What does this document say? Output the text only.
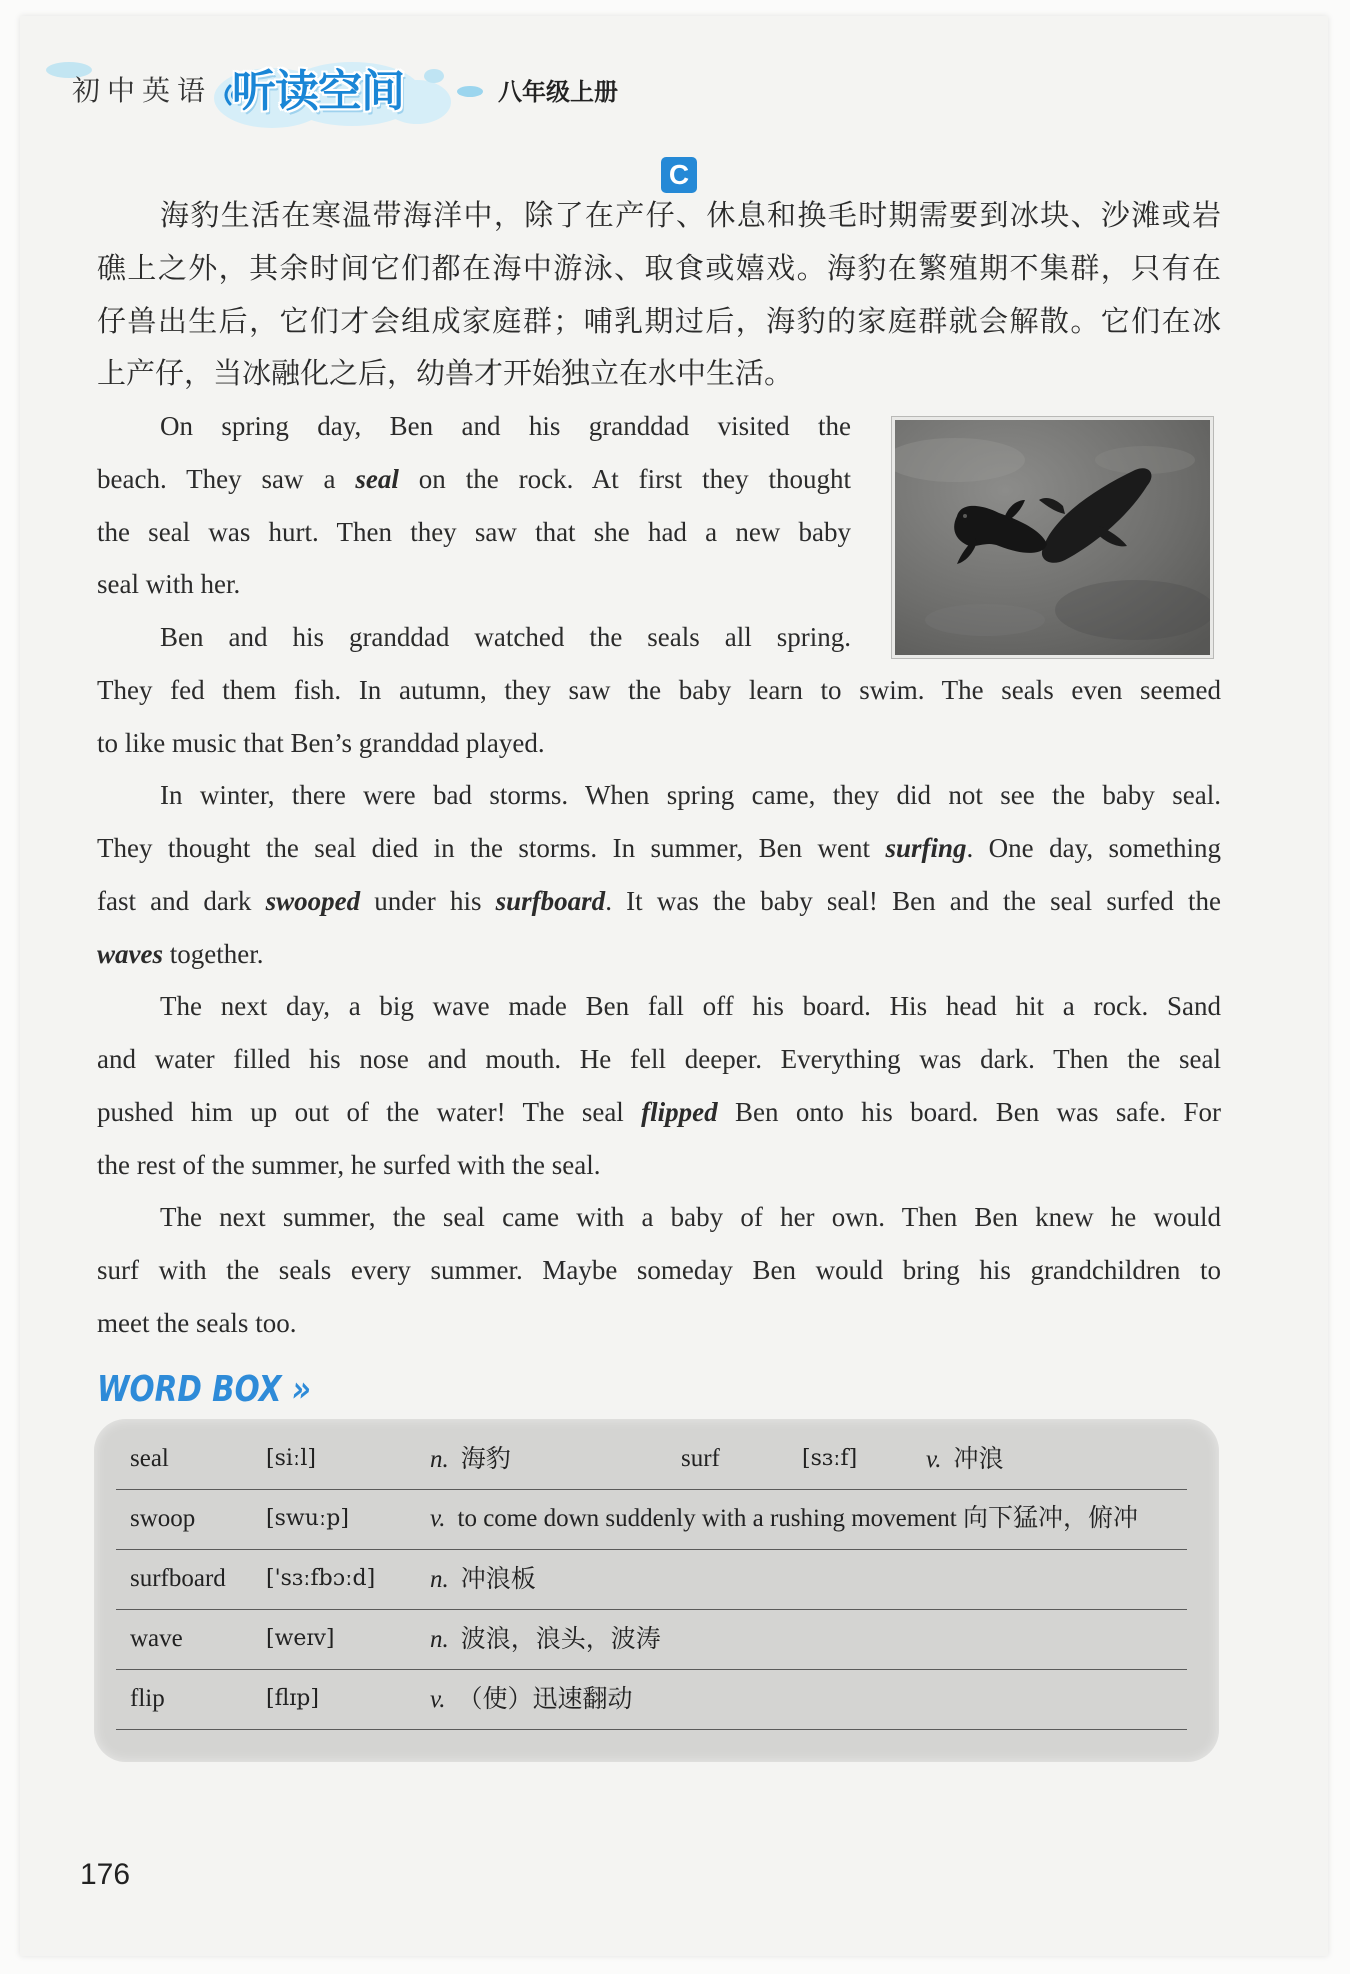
初中英语 听读空间	八年级上册
C
海豹生活在寒温带海洋中，除了在产仔、休息和换毛时期需要到冰块、沙滩或岩
礁上之外，其余时间它们都在海中游泳、取食或嬉戏。海豹在繁殖期不集群，只有在
仔兽出生后，它们才会组成家庭群；哺乳期过后，海豹的家庭群就会解散。它们在冰
上产仔，当冰融化之后，幼兽才开始独立在水中生活。
On spring day, Ben and his granddad visited the
beach. They saw a seal on the rock. At first they thought
the seal was hurt. Then they saw that she had a new baby
seal with her.
Ben and his granddad watched the seals all spring.
They fed them fish. In autumn, they saw the baby learn to swim. The seals even seemed
to like music that Ben’s granddad played.
In winter, there were bad storms. When spring came, they did not see the baby seal.
They thought the seal died in the storms. In summer, Ben went surfing. One day, something
fast and dark swooped under his surfboard. It was the baby seal! Ben and the seal surfed the
waves together.
The next day, a big wave made Ben fall off his board. His head hit a rock. Sand
and water filled his nose and mouth. He fell deeper. Everything was dark. Then the seal
pushed him up out of the water! The seal flipped Ben onto his board. Ben was safe. For
the rest of the summer, he surfed with the seal.
The next summer, the seal came with a baby of her own. Then Ben knew he would
surf with the seals every summer. Maybe someday Ben would bring his grandchildren to
meet the seals too.
WORD BOX »
seal	[siːl]	n. 海豹	surf	[sɜːf]	v. 冲浪
swoop	[swuːp]	v. to come down suddenly with a rushing movement 向下猛冲，俯冲
surfboard ['sɜːfbɔːd] n. 冲浪板
wave	[weɪv]	n. 波浪，浪头，波涛
flip	[flɪp]	v. （使）迅速翻动
176
